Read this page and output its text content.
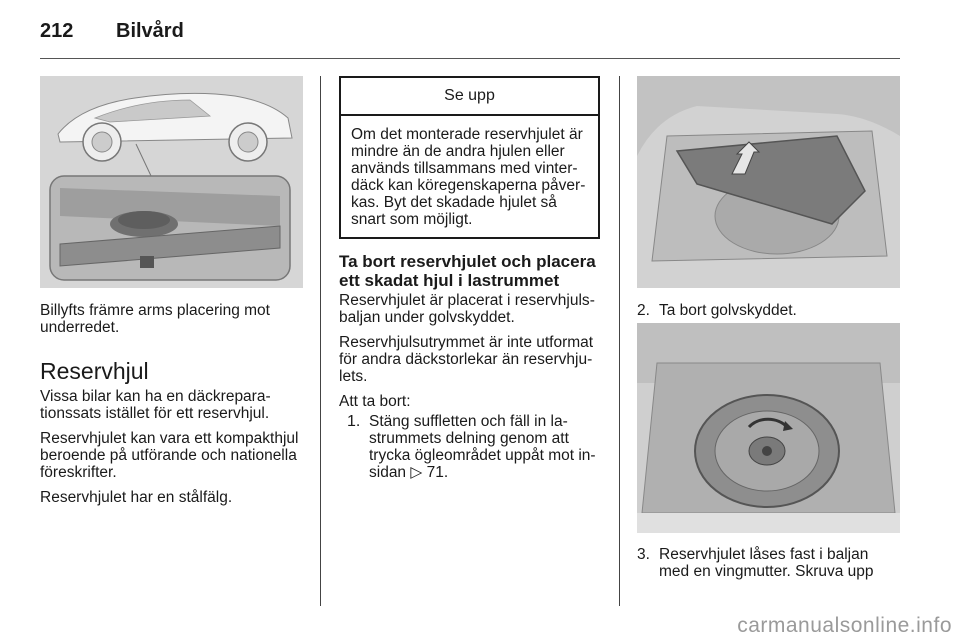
212 Bilvård
Billyfts främre arms placering mot underredet.
Reservhjul

Vissa bilar kan ha en däckreparationssats istället för ett reservhjul.

Reservhjulet kan vara ett kompakthjul beroende på utförande och nationella föreskrifter.

Reservhjulet har en stålfälg.

Se upp
Om det monterade reservhjulet är mindre än de andra hjulen eller används tillsammans med vinterdäck kan köregenskaperna påverkas. Byt det skadade hjulet så snart som möjligt.
Ta bort reservhjulet och placera ett skadat hjul i lastrummet

Reservhjulet är placerat i reservhjulsbaljan under golvskyddet.

Reservhjulsutrymmet är inte utformat för andra däckstorlekar än reservhjulets.

Att ta bort:

1. Stäng suffletten och fäll in lastrummets delning genom att trycka ögleområdet uppåt mot insidan ▷ 71.

2. Ta bort golvskyddet.
3. Reservhjulet låses fast i baljan med en vingmutter. Skruva upp
carmanualsonline.info
